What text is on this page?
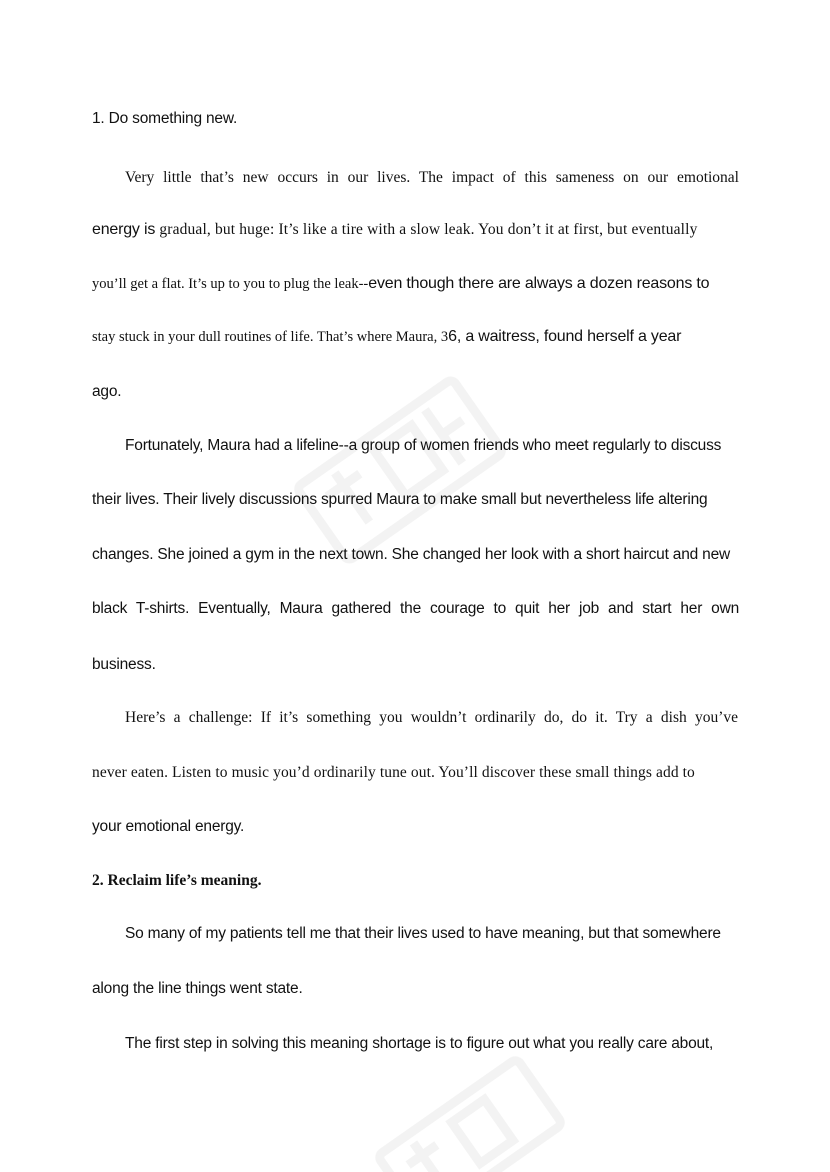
1. Do something new.
Very little that’s new occurs in our lives. The impact of this sameness on our emotional
energy is gradual, but huge: It’s like a tire with a slow leak. You don’t it at first, but eventually
you’ll get a flat. It’s up to you to plug the leak--even though there are always a dozen reasons to
stay stuck in your dull routines of life. That’s where Maura, 36, a waitress, found herself a year
ago.
Fortunately, Maura had a lifeline--a group of women friends who meet regularly to discuss
their lives. Their lively discussions spurred Maura to make small but nevertheless life altering
changes. She joined a gym in the next town. She changed her look with a short haircut and new
black T-shirts. Eventually, Maura gathered the courage to quit her job and start her own
business.
Here’s a challenge: If it’s something you wouldn’t ordinarily do, do it. Try a dish you’ve
never eaten. Listen to music you’d ordinarily tune out. You’ll discover these small things add to
your emotional energy.
2. Reclaim life’s meaning.
So many of my patients tell me that their lives used to have meaning, but that somewhere
along the line things went state.
The first step in solving this meaning shortage is to figure out what you really care about,
